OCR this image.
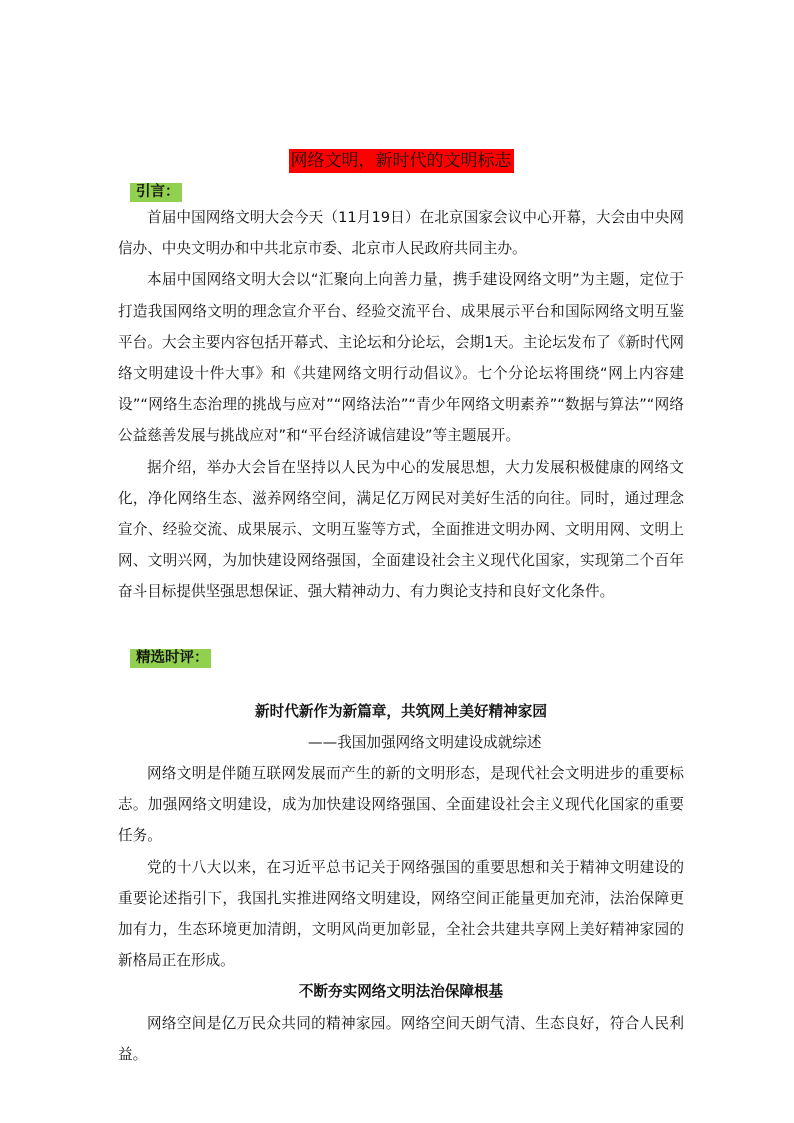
网络文明，新时代的文明标志
引言：

首届中国网络文明大会今天（11月19日）在北京国家会议中心开幕，大会由中央网信办、中央文明办和中共北京市委、北京市人民政府共同主办。

本届中国网络文明大会以“汇聚向上向善力量，携手建设网络文明”为主题，定位于打造我国网络文明的理念宣介平台、经验交流平台、成果展示平台和国际网络文明互鉴平台。大会主要内容包括开幕式、主论坛和分论坛，会期1天。主论坛发布了《新时代网络文明建设十件大事》和《共建网络文明行动倡议》。七个分论坛将围绕“网上内容建设”“网络生态治理的挑战与应对”“网络法治”“青少年网络文明素养”“数据与算法”“网络公益慈善发展与挑战应对”和“平台经济诚信建设”等主题展开。

据介绍，举办大会旨在坚持以人民为中心的发展思想，大力发展积极健康的网络文化，净化网络生态、滋养网络空间，满足亿万网民对美好生活的向往。同时，通过理念宣介、经验交流、成果展示、文明互鉴等方式，全面推进文明办网、文明用网、文明上网、文明兴网，为加快建设网络强国，全面建设社会主义现代化国家，实现第二个百年奋斗目标提供坚强思想保证、强大精神动力、有力舆论支持和良好文化条件。

精选时评：
新时代新作为新篇章，共筑网上美好精神家园
——我国加强网络文明建设成就综述

网络文明是伴随互联网发展而产生的新的文明形态，是现代社会文明进步的重要标志。加强网络文明建设，成为加快建设网络强国、全面建设社会主义现代化国家的重要任务。

党的十八大以来，在习近平总书记关于网络强国的重要思想和关于精神文明建设的重要论述指引下，我国扎实推进网络文明建设，网络空间正能量更加充沛，法治保障更加有力，生态环境更加清朗，文明风尚更加彰显，全社会共建共享网上美好精神家园的新格局正在形成。

不断夯实网络文明法治保障根基

网络空间是亿万民众共同的精神家园。网络空间天朗气清、生态良好，符合人民利益。
